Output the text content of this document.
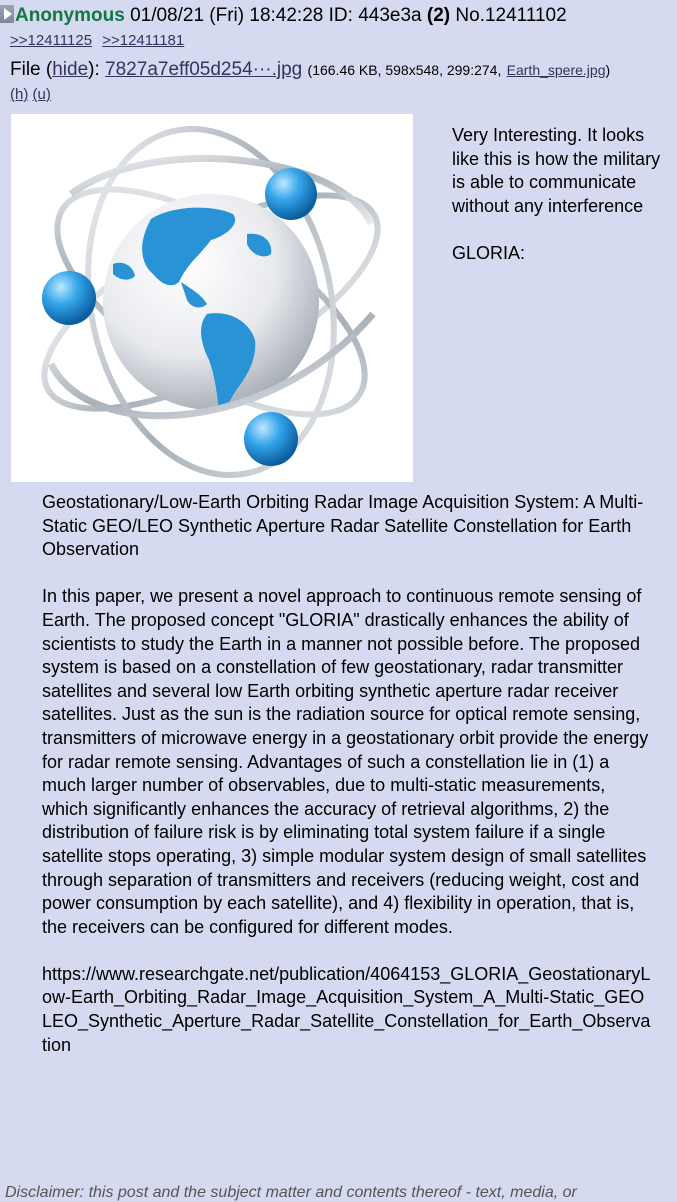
Anonymous 01/08/21 (Fri) 18:42:28 ID: 443e3a (2) No.12411102
>>12411125 >>12411181
File (hide): 7827a7eff05d254···.jpg (166.46 KB, 598x548, 299:274, Earth_spere.jpg)
(h) (u)
Very Interesting. It looks like this is how the military is able to communicate without any interference
GLORIA:

Geostationary/Low-Earth Orbiting Radar Image Acquisition System: A Multi-Static GEO/LEO Synthetic Aperture Radar Satellite Constellation for Earth Observation

In this paper, we present a novel approach to continuous remote sensing of Earth. The proposed concept "GLORIA" drastically enhances the ability of scientists to study the Earth in a manner not possible before. The proposed system is based on a constellation of few geostationary, radar transmitter satellites and several low Earth orbiting synthetic aperture radar receiver satellites. Just as the sun is the radiation source for optical remote sensing, transmitters of microwave energy in a geostationary orbit provide the energy for radar remote sensing. Advantages of such a constellation lie in (1) a much larger number of observables, due to multi-static measurements, which significantly enhances the accuracy of retrieval algorithms, 2) the distribution of failure risk is by eliminating total system failure if a single satellite stops operating, 3) simple modular system design of small satellites through separation of transmitters and receivers (reducing weight, cost and power consumption by each satellite), and 4) flexibility in operation, that is, the receivers can be configured for different modes.

https://www.researchgate.net/publication/4064153_GLORIA_GeostationaryLow-Earth_Orbiting_Radar_Image_Acquisition_System_A_Multi-Static_GEOLEO_Synthetic_Aperture_Radar_Satellite_Constellation_for_Earth_Observation

Disclaimer: this post and the subject matter and contents thereof - text, media, or
